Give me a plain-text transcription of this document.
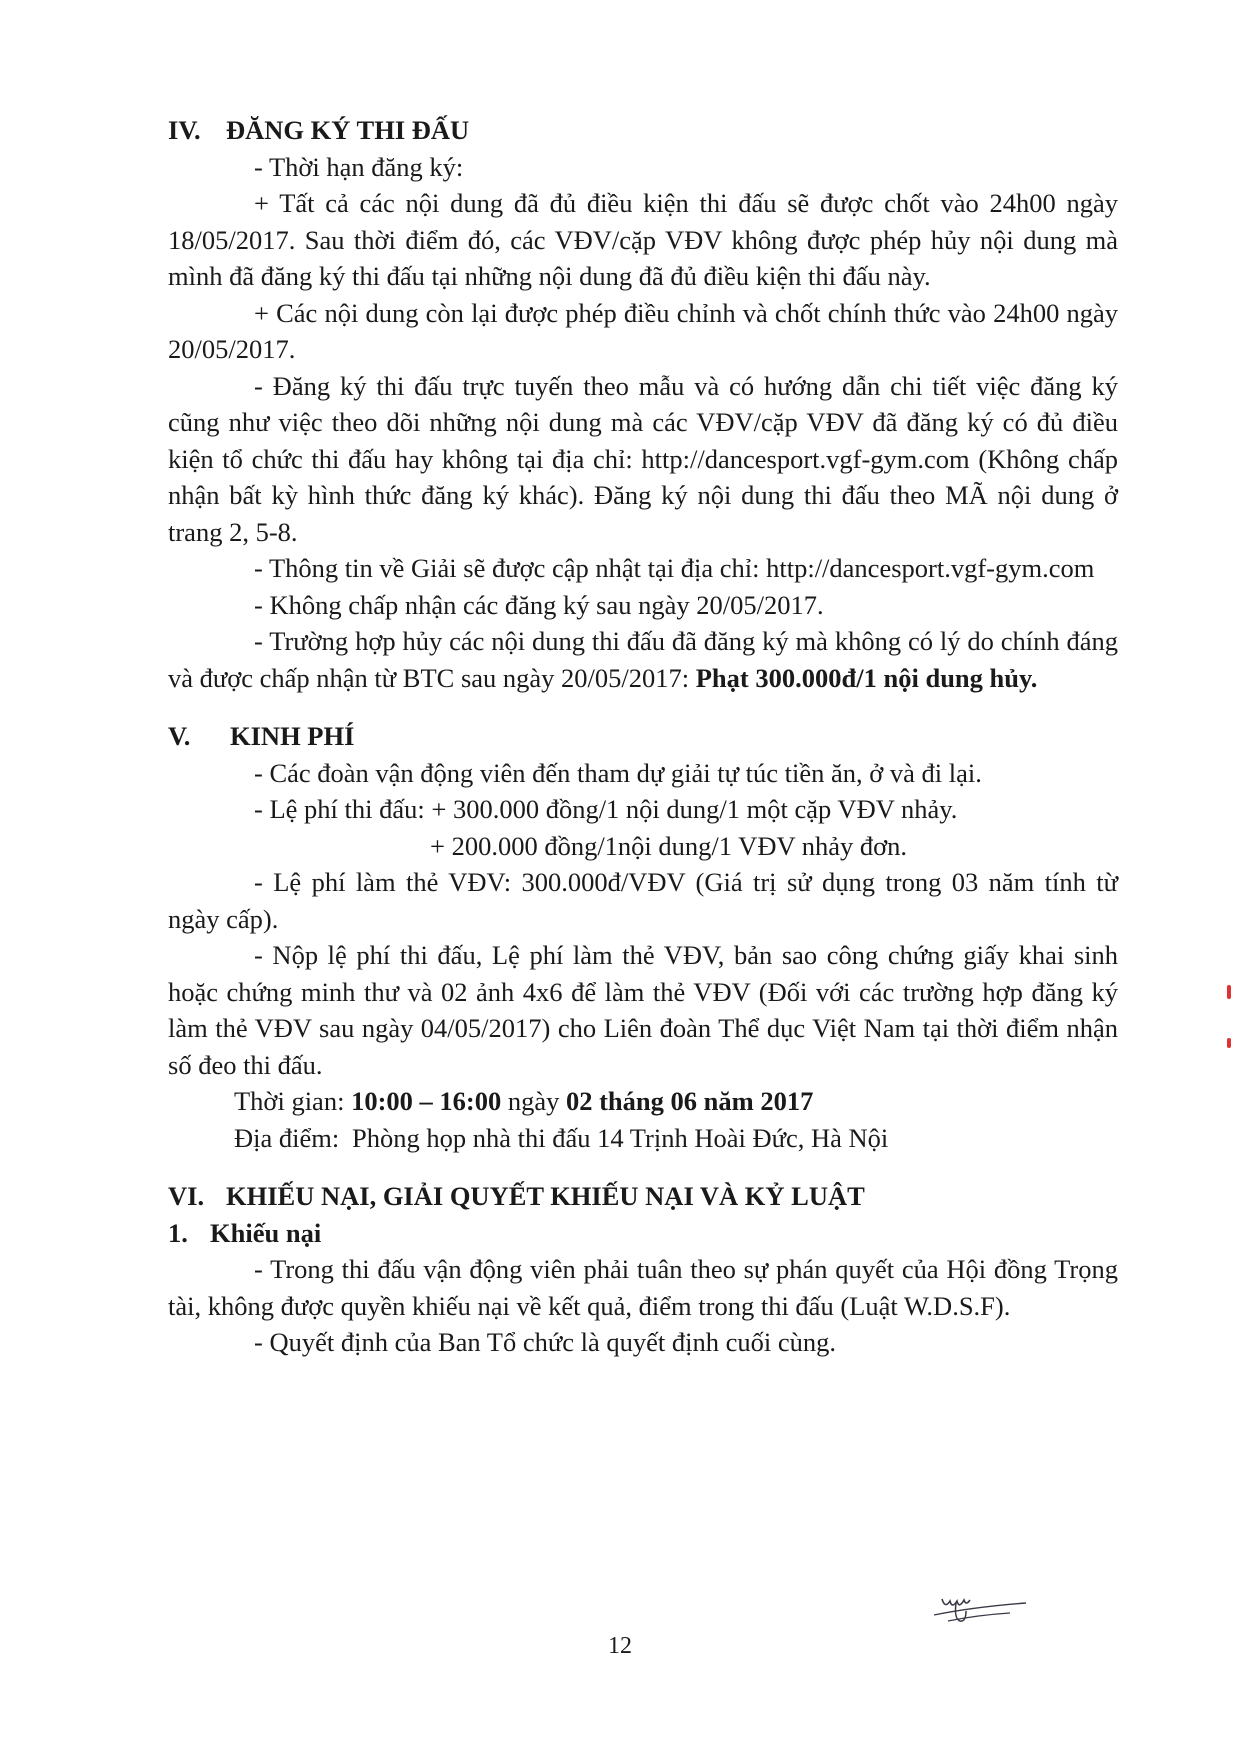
IV. ĐĂNG KÝ THI ĐẤU

- Thời hạn đăng ký:

+ Tất cả các nội dung đã đủ điều kiện thi đấu sẽ được chốt vào 24h00 ngày 18/05/2017. Sau thời điểm đó, các VĐV/cặp VĐV không được phép hủy nội dung mà mình đã đăng ký thi đấu tại những nội dung đã đủ điều kiện thi đấu này.

+ Các nội dung còn lại được phép điều chỉnh và chốt chính thức vào 24h00 ngày 20/05/2017.

- Đăng ký thi đấu trực tuyến theo mẫu và có hướng dẫn chi tiết việc đăng ký cũng như việc theo dõi những nội dung mà các VĐV/cặp VĐV đã đăng ký có đủ điều kiện tổ chức thi đấu hay không tại địa chỉ: http://dancesport.vgf-gym.com (Không chấp nhận bất kỳ hình thức đăng ký khác). Đăng ký nội dung thi đấu theo MÃ nội dung ở trang 2, 5-8.

- Thông tin về Giải sẽ được cập nhật tại địa chỉ: http://dancesport.vgf-gym.com

- Không chấp nhận các đăng ký sau ngày 20/05/2017.

- Trường hợp hủy các nội dung thi đấu đã đăng ký mà không có lý do chính đáng và được chấp nhận từ BTC sau ngày 20/05/2017: Phạt 300.000đ/1 nội dung hủy.

V. KINH PHÍ

- Các đoàn vận động viên đến tham dự giải tự túc tiền ăn, ở và đi lại.

- Lệ phí thi đấu: + 300.000 đồng/1 nội dung/1 một cặp VĐV nhảy.

+ 200.000 đồng/1nội dung/1 VĐV nhảy đơn.

- Lệ phí làm thẻ VĐV: 300.000đ/VĐV (Giá trị sử dụng trong 03 năm tính từ ngày cấp).

- Nộp lệ phí thi đấu, Lệ phí làm thẻ VĐV, bản sao công chứng giấy khai sinh hoặc chứng minh thư và 02 ảnh 4x6 để làm thẻ VĐV (Đối với các trường hợp đăng ký làm thẻ VĐV sau ngày 04/05/2017) cho Liên đoàn Thể dục Việt Nam tại thời điểm nhận số đeo thi đấu.

Thời gian: 10:00 – 16:00 ngày 02 tháng 06 năm 2017

Địa điểm: Phòng họp nhà thi đấu 14 Trịnh Hoài Đức, Hà Nội

VI. KHIẾU NẠI, GIẢI QUYẾT KHIẾU NẠI VÀ KỶ LUẬT

1. Khiếu nại

- Trong thi đấu vận động viên phải tuân theo sự phán quyết của Hội đồng Trọng tài, không được quyền khiếu nại về kết quả, điểm trong thi đấu (Luật W.D.S.F).

- Quyết định của Ban Tổ chức là quyết định cuối cùng.

12
